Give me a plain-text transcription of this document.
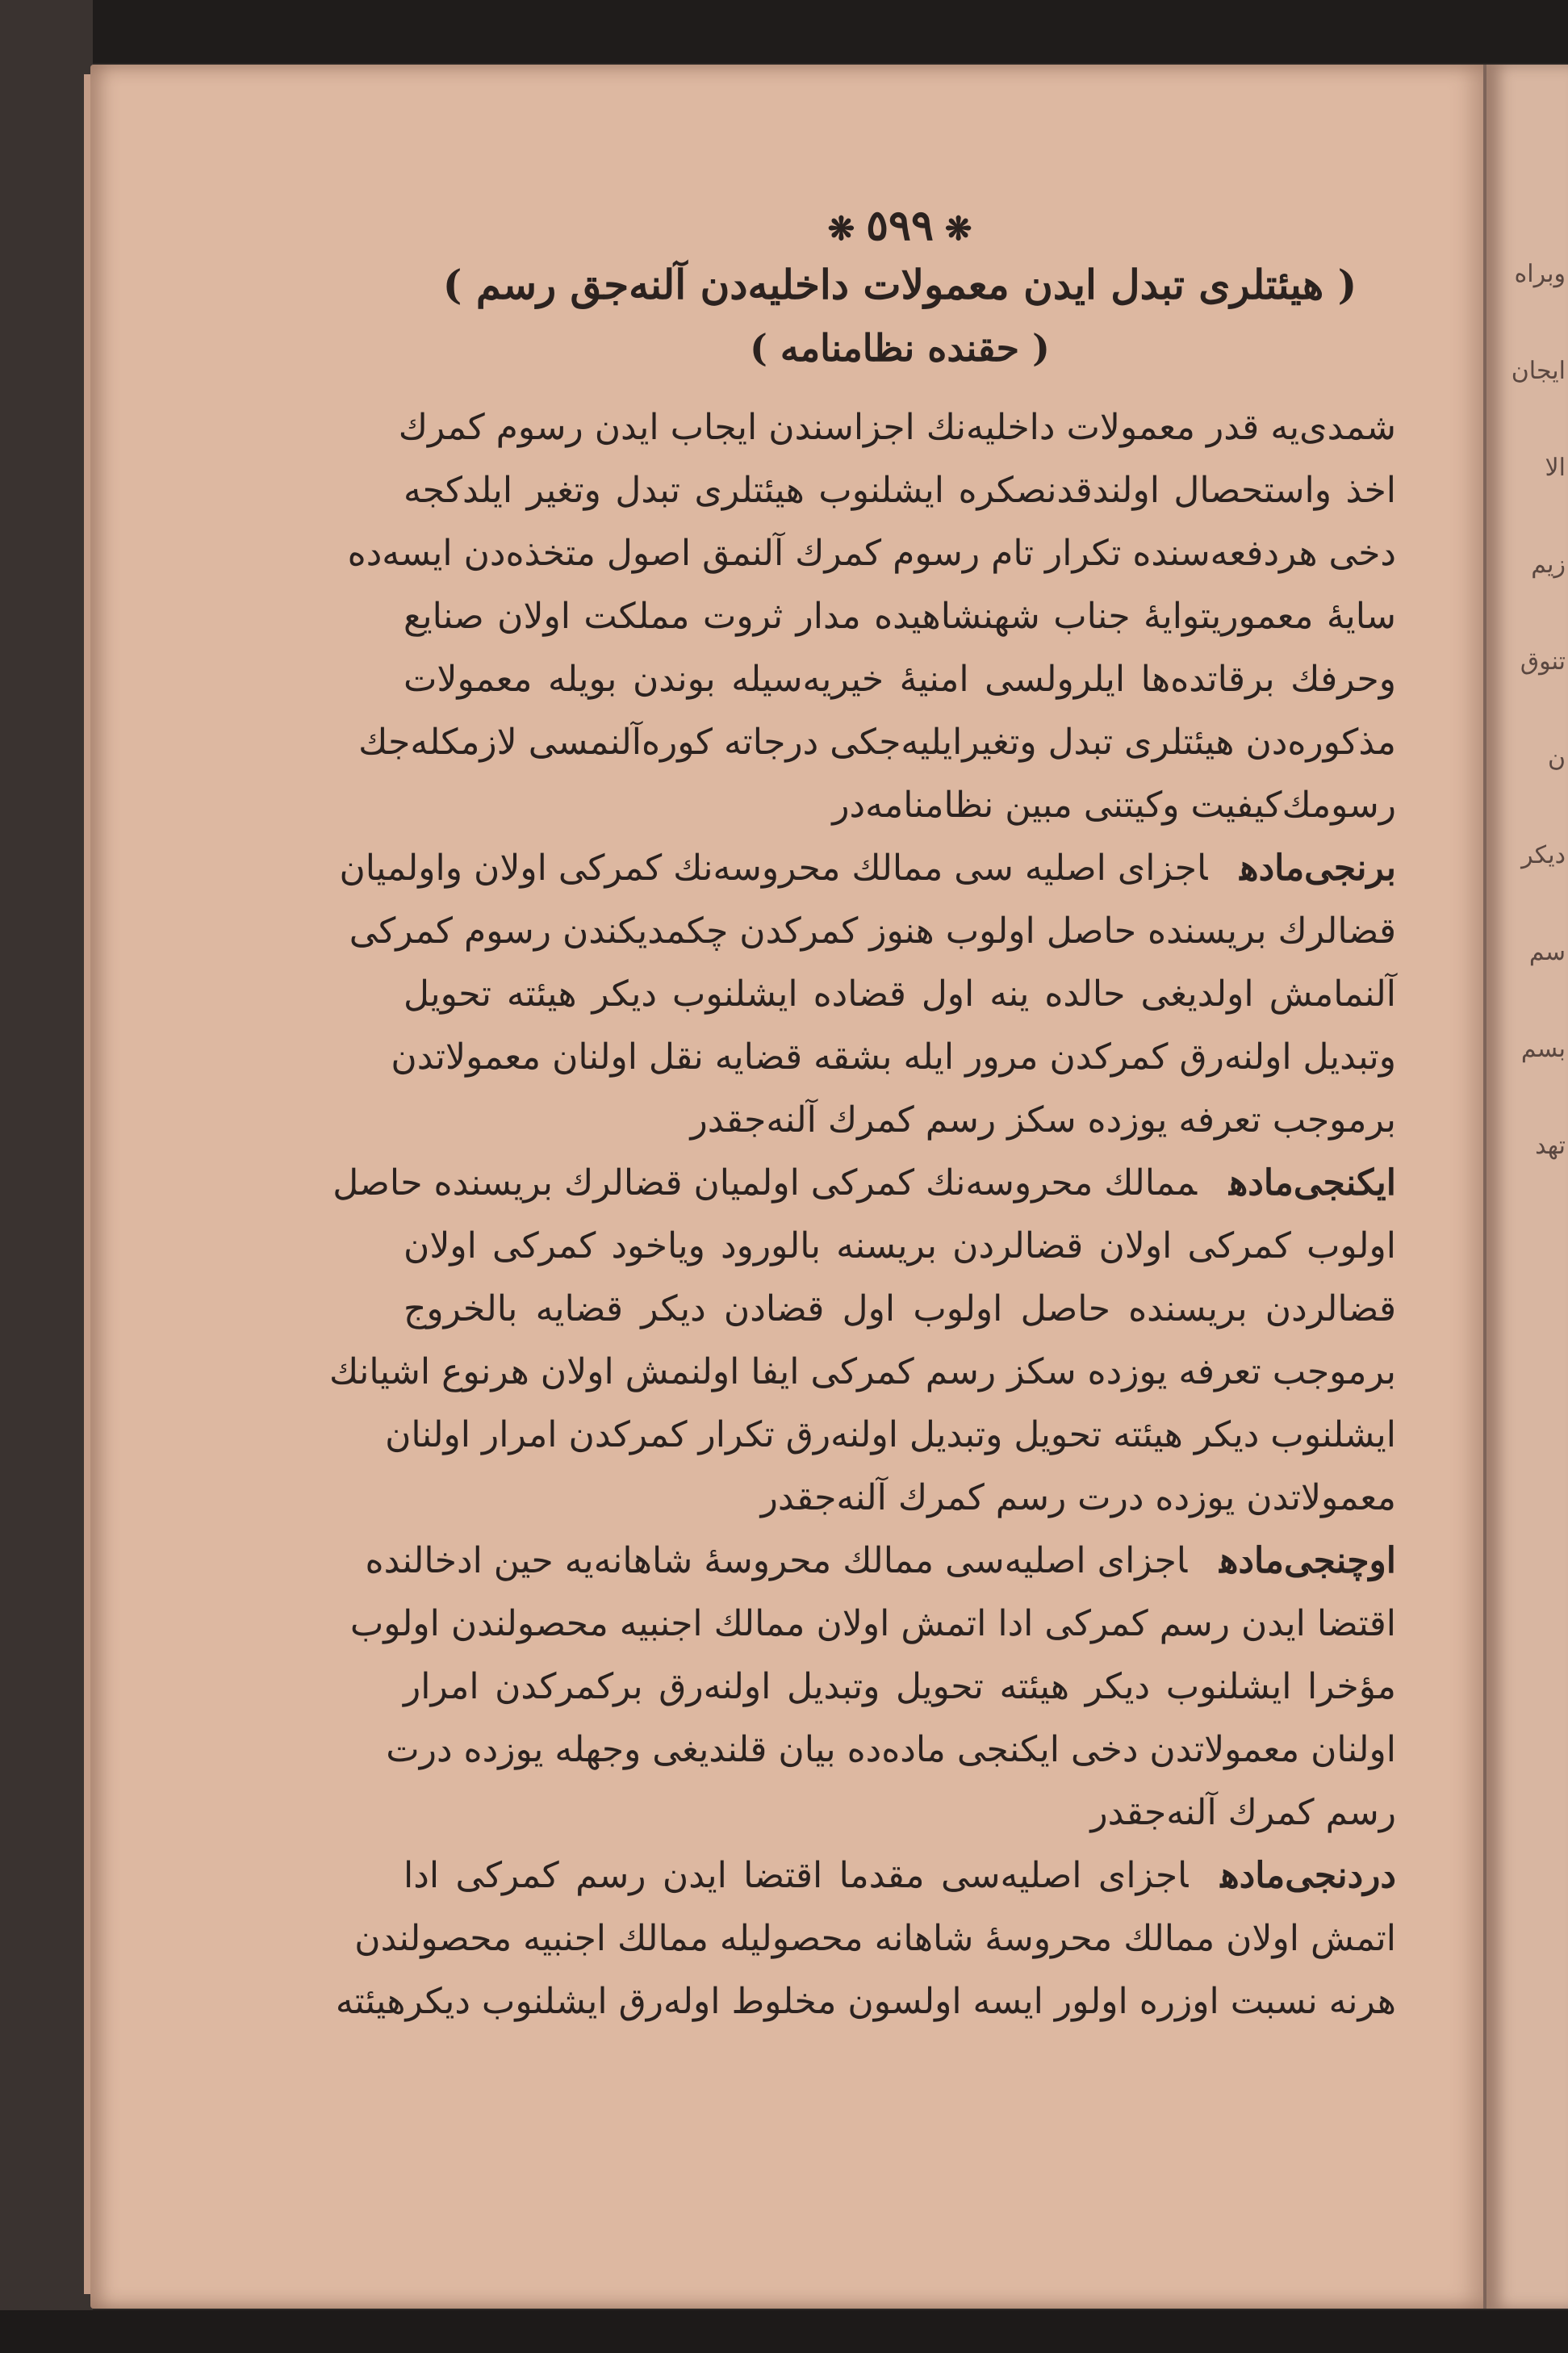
وبراه
ایجان
الا
زیم
تنوق
ن
دیکر
سم
بسم
تهد
❋٥٩٩❋
( هیئتلری تبدل ایدن معمولات داخلیه‌دن آلنه‌جق رسم )
( حقنده نظامنامه )
شمدی‌یه قدر معمولات داخلیه‌نك اجزاسندن ایجاب ایدن رسوم كمرك
اخذ واستحصال اولندقدنصكره ایشلنوب هیئتلری تبدل وتغیر ایلدكجه
دخی هردفعه‌سنده تكرار تام رسوم كمرك آلنمق اصول متخذه‌دن ایسه‌ده
سایهٔ معموریتوایهٔ جناب شهنشاهیده مدار ثروت مملكت اولان صنایع
وحرفك برقاتده‌ها ایلرولسی امنیهٔ خیریه‌سیله بوندن بویله معمولات
مذكوره‌دن هیئتلری تبدل وتغیرایلیه‌جكی درجاته كوره‌آلنمسی لازمكله‌جك
رسومك‌كیفیت وكیتنی مبین نظامنامه‌در
برنجی‌مادهاجزای اصلیه سی ممالك محروسه‌نك كمركی اولان واولمیان
قضالرك بریسنده حاصل اولوب هنوز كمركدن چكمدیكندن رسوم كمركی
آلنمامش اولدیغی حالده ینه اول قضاده ایشلنوب دیكر هیئته تحویل
وتبدیل اولنه‌رق كمركدن مرور ایله بشقه قضایه نقل اولنان معمولاتدن
برموجب تعرفه یوزده سكز رسم كمرك آلنه‌جقدر
ایكنجی‌مادهممالك محروسه‌نك كمركی اولمیان قضالرك بریسنده حاصل
اولوب كمركی اولان قضالردن بریسنه بالورود ویاخود كمركی اولان
قضالردن بریسنده حاصل اولوب اول قضادن دیكر قضایه بالخروج
برموجب تعرفه یوزده سكز رسم كمركی ایفا اولنمش اولان هرنوع اشیانك
ایشلنوب دیكر هیئته تحویل وتبدیل اولنه‌رق تكرار كمركدن امرار اولنان
معمولاتدن یوزده درت رسم كمرك آلنه‌جقدر
اوچنجی‌مادهاجزای اصلیه‌سی ممالك محروسهٔ شاهانه‌یه حین ادخالنده
اقتضا ایدن رسم كمركی ادا اتمش اولان ممالك اجنبیه محصولندن اولوب
مؤخرا ایشلنوب دیكر هیئته تحویل وتبدیل اولنه‌رق بركمركدن امرار
اولنان معمولاتدن دخی ایكنجی ماده‌ده بیان قلندیغی وجهله یوزده درت
رسم كمرك آلنه‌جقدر
دردنجی‌مادهاجزای اصلیه‌سی مقدما اقتضا ایدن رسم كمركی ادا
اتمش اولان ممالك محروسهٔ شاهانه محصولیله ممالك اجنبیه محصولندن
هرنه نسبت اوزره اولور ایسه اولسون مخلوط اوله‌رق ایشلنوب دیكرهیئته
